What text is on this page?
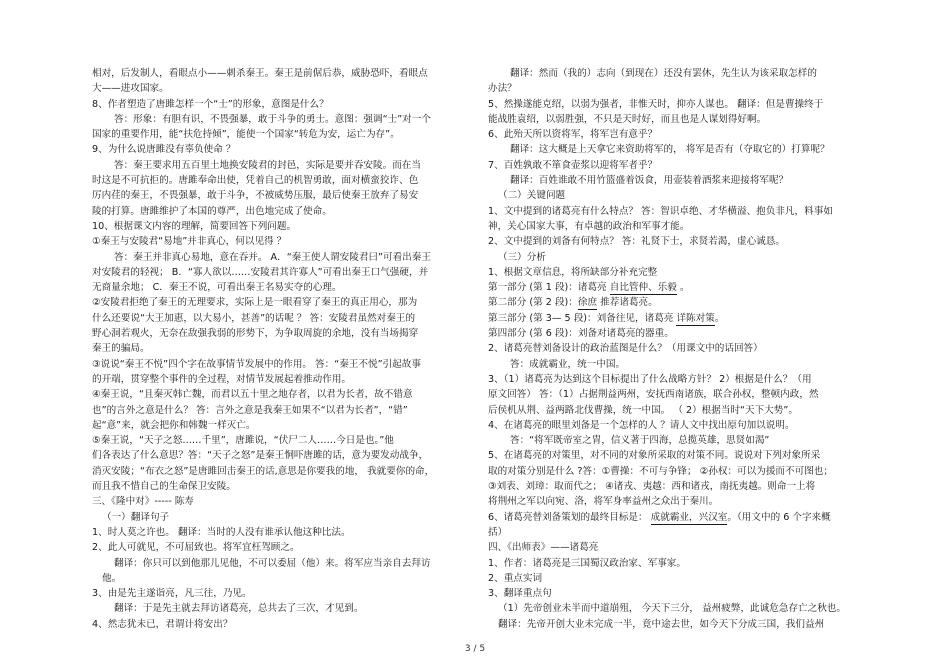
相对，后发制人，看眼点小——刺杀秦王。秦王是前倨后恭，威胁恐吓，看眼点
大——进攻国家。
8、作者塑造了唐雎怎样一个“士”的形象，意图是什么？
答：形象：有胆有识，不畏强暴，敢于斗争的勇士。意图：强调“士”对一个
国家的重要作用，能“扶危持倾”，能使一个国家“转危为安，运亡为存”。
9、为什么说唐雎没有辜负使命 ？
答：秦王要求用五百里土地换安陵君的封邑，实际是要并吞安陵。而在当
时这是不可抗拒的。唐雎奉命出使，凭着自己的机智勇敢，面对横蛮狡诈、色
厉内荏的秦王，不畏强暴，敢于斗争，不被威势压服，最后使秦王放弃了易安
陵的打算。唐雎维护了本国的尊严，出色地完成了使命。
10、根据课文内容的理解，简要回答下列问题。
①秦王与安陵君“易地”并非真心，何以见得 ？
答：秦王并非真心易地，意在吞并。 A．“秦王使人谓安陵君曰”可看出秦王
对安陵君的轻视； B．“寡人欲以……安陵君其许寡人”可看出秦王口气强硬，并
无商量余地； C．秦王不说，可看出秦王名易实夺的心理。
②安陵君拒绝了秦王的无理要求，实际上是一眼看穿了秦王的真正用心，那为
什么还要说“大王加惠，以大易小，甚善”的话呢 ？ 答：安陵君虽然对秦王的
野心洞若观火，无奈在敌强我弱的形势下，为争取周旋的余地，没有当场揭穿
秦王的骗局。
③说说“秦王不悦”四个字在故事情节发展中的作用。 答：“秦王不悦”引起故事
的开端，贯穿整个事件的全过程，对情节发展起着推动作用。
④秦王说，“且秦灭韩亡魏，而君以五十里之地存者，以君为长者，故不错意
也”的言外之意是什么？ 答：言外之意是我秦王如果不“以君为长者”，“错”
起“意”来，就会把你和韩魏一样灭亡。
⑤秦王说，“天子之怒……千里”，唐雎说，“伏尸二人……今日是也。”他
们各表达了什么意思？答：“天子之怒”是秦王恫吓唐雎的话，意为要发动战争，
消灭安陵；“布衣之怒”是唐雎回击秦王的话,意思是你要我的地， 我就要你的命，
而且我不惜自己的生命保卫安陵。
三、《隆中对》----- 陈寿
（一）翻译句子
1、时人莫之许也。 翻译：当时的人没有谁承认他这种比法。
2、此人可就见，不可屈致也。将军宜枉驾顾之。
翻译：你只可以到他那儿见他，不可以委屈（他）来。将军应当亲自去拜访
他。
3、由是先主遂诣亮，凡三往，乃见。
翻译：于是先主就去拜访诸葛亮，总共去了三次，才见到。
4、然志犹未已，君谓计将安出？
翻译：然而（我的）志向（到现在）还没有罢休，先生认为该采取怎样的
办法？
5、然操遂能克绍，以弱为强者，非惟天时，抑亦人谋也。 翻译：但是曹操终于
能战胜袁绍，以弱胜强，不只是天时好，而且也是人谋划得好啊。
6、此殆天所以资将军，将军岂有意乎？
翻译：这大概是上天拿它来资助将军的， 将军是否有（夺取它的）打算呢？
7、百姓孰敢不箪食壶浆以迎将军者乎？
翻译：百姓谁敢不用竹篮盛着饭食，用壶装着酒浆来迎接将军呢？
（二）关键问题
1、文中提到的诸葛亮有什么特点？ 答：智识卓绝、才华横溢、抱负非凡，料事如
神，关心国家大事，有卓越的政治和军事才能。
2、文中提到的刘备有何特点？ 答：礼贤下士，求贤若渴，虚心诚恳。
（三）分析
1、根据文章信息，将所缺部分补充完整
第一部分 (第 1 段)：诸葛亮 自比管仲、乐毅 。
第二部分 (第 2 段)：徐庶 推荐诸葛亮。
第三部分 (第 3— 5 段)：刘备往见，诸葛亮 详陈对策。
第四部分 (第 6 段)：刘备对诸葛亮的器重。
2、诸葛亮替刘备设计的政治蓝图是什么？（用课文中的话回答）
答：成就霸业，统一中国。
3、（1）诸葛亮为达到这个目标提出了什么战略方针？ 2）根据是什么？（用
原文回答） 答：（1）占据荆益两州，安抚西南诸族，联合孙权，整顿内政，然
后侯机从荆、益两路北伐曹操，统一中国。 （ 2）根据当时“天下大势”。
4、在诸葛亮的眼里刘备是一个怎样的人 ？请人文中找出原句加以说明。
答：“将军既帝室之胄，信义著于四海，总揽英雄，思贤如渴”
5、在诸葛亮的对策里，对不同的对象所采取的对策不同。说说对下列对象所采
取的对策分别是什么 ?答：①曹操：不可与争锋； ②孙权：可以为援而不可图也；
③刘表、刘璋：取而代之； ④诸戎、夷越：西和诸戎，南抚夷越。则命一上将
将荆州之军以向宛、洛，将军身率益州之众出于秦川。
6、诸葛亮替刘备策划的最终目标是： 成就霸业，兴汉室。（用文中的 6 个字来概
括）
四、《出师表》——诸葛亮
1、作者：诸葛亮是三国蜀汉政治家、军事家。
2、重点实词
3、翻译重点句
（1）先帝创业未半而中道崩殂， 今天下三分， 益州疲弊，此诚危急存亡之秋也。
翻译：先帝开创大业未完成一半，竟中途去世，如今天下分成三国，我们益州
3 / 5
